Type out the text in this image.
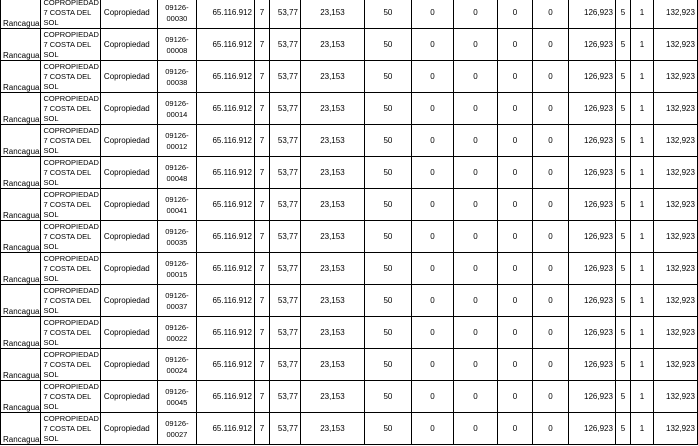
Rancagua	COPROPIEDAD 7 COSTA DEL SOL	Copropiedad	09126-00030	65.116.912	7	53,77	23,153	50	0	0	0	0	126,923	5	1	132,923
Rancagua	COPROPIEDAD 7 COSTA DEL SOL	Copropiedad	09126-00008	65.116.912	7	53,77	23,153	50	0	0	0	0	126,923	5	1	132,923
Rancagua	COPROPIEDAD 7 COSTA DEL SOL	Copropiedad	09126-00038	65.116.912	7	53,77	23,153	50	0	0	0	0	126,923	5	1	132,923
Rancagua	COPROPIEDAD 7 COSTA DEL SOL	Copropiedad	09126-00014	65.116.912	7	53,77	23,153	50	0	0	0	0	126,923	5	1	132,923
Rancagua	COPROPIEDAD 7 COSTA DEL SOL	Copropiedad	09126-00012	65.116.912	7	53,77	23,153	50	0	0	0	0	126,923	5	1	132,923
Rancagua	COPROPIEDAD 7 COSTA DEL SOL	Copropiedad	09126-00048	65.116.912	7	53,77	23,153	50	0	0	0	0	126,923	5	1	132,923
Rancagua	COPROPIEDAD 7 COSTA DEL SOL	Copropiedad	09126-00041	65.116.912	7	53,77	23,153	50	0	0	0	0	126,923	5	1	132,923
Rancagua	COPROPIEDAD 7 COSTA DEL SOL	Copropiedad	09126-00035	65.116.912	7	53,77	23,153	50	0	0	0	0	126,923	5	1	132,923
Rancagua	COPROPIEDAD 7 COSTA DEL SOL	Copropiedad	09126-00015	65.116.912	7	53,77	23,153	50	0	0	0	0	126,923	5	1	132,923
Rancagua	COPROPIEDAD 7 COSTA DEL SOL	Copropiedad	09126-00037	65.116.912	7	53,77	23,153	50	0	0	0	0	126,923	5	1	132,923
Rancagua	COPROPIEDAD 7 COSTA DEL SOL	Copropiedad	09126-00022	65.116.912	7	53,77	23,153	50	0	0	0	0	126,923	5	1	132,923
Rancagua	COPROPIEDAD 7 COSTA DEL SOL	Copropiedad	09126-00024	65.116.912	7	53,77	23,153	50	0	0	0	0	126,923	5	1	132,923
Rancagua	COPROPIEDAD 7 COSTA DEL SOL	Copropiedad	09126-00045	65.116.912	7	53,77	23,153	50	0	0	0	0	126,923	5	1	132,923
Rancagua	COPROPIEDAD 7 COSTA DEL SOL	Copropiedad	09126-00027	65.116.912	7	53,77	23,153	50	0	0	0	0	126,923	5	1	132,923
